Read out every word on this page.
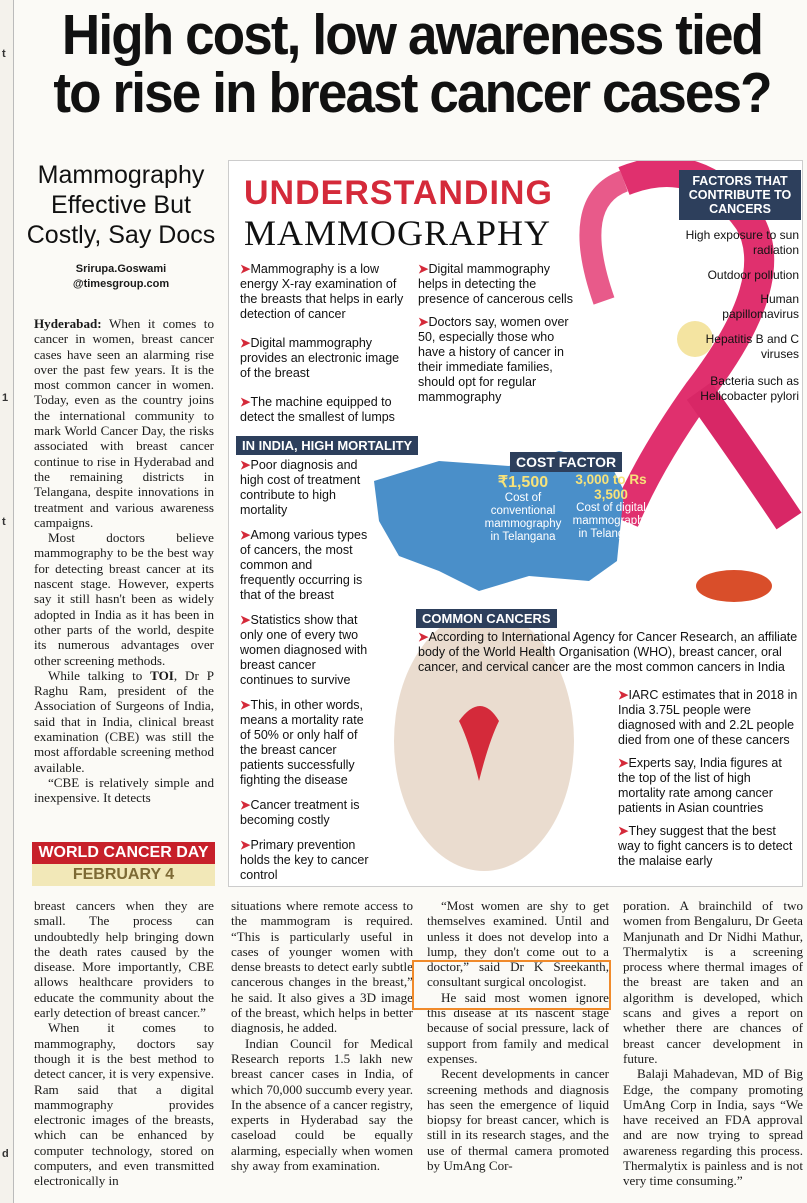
t
1
t
d
High cost, low awareness tied
to rise in breast cancer cases?
Mammography
Effective But
Costly, Say Docs
Srirupa.Goswami
@timesgroup.com

Hyderabad: When it comes to cancer in women, breast cancer cases have seen an alarming rise over the past few years. It is the most common cancer in women. Today, even as the country joins the international community to mark World Cancer Day, the risks associated with breast cancer continue to rise in Hyderabad and the remaining districts in Telangana, despite innovations in treatment and various awareness campaigns.

Most doctors believe mammography to be the best way for detecting breast cancer at its nascent stage. However, experts say it still hasn't been as widely adopted in India as it has been in other parts of the world, despite its numerous advantages over other screening methods.

While talking to TOI, Dr P Raghu Ram, president of the Association of Surgeons of India, said that in India, clinical breast examination (CBE) was still the most affordable screening method available.

“CBE is relatively simple and inexpensive. It detects

WORLD CANCER DAY
FEBRUARY 4

breast cancers when they are small. The process can undoubtedly help bringing down the death rates caused by the disease. More importantly, CBE allows healthcare providers to educate the community about the early detection of breast cancer.”

When it comes to mammography, doctors say though it is the best method to detect cancer, it is very expensive. Ram said that a digital mammography provides electronic images of the breasts, which can be enhanced by computer technology, stored on computers, and even transmitted electronically in

situations where remote access to the mammogram is required. “This is particularly useful in cases of younger women with dense breasts to detect early subtle cancerous changes in the breast,” he said. It also gives a 3D image of the breast, which helps in better diagnosis, he added.

Indian Council for Medical Research reports 1.5 lakh new breast cancer cases in India, of which 70,000 succumb every year. In the absence of a cancer registry, experts in Hyderabad say the caseload could be equally alarming, especially when women shy away from examination.

“Most women are shy to get themselves examined. Until and unless it does not develop into a lump, they don't come out to a doctor,” said Dr K Sreekanth, consultant surgical oncologist.

He said most women ignore this disease at its nascent stage because of social pressure, lack of support from family and medical expenses.

Recent developments in cancer screening methods and diagnosis has seen the emergence of liquid biopsy for breast cancer, which is still in its research stages, and the use of thermal camera promoted by UmAng Cor-

poration. A brainchild of two women from Bengaluru, Dr Geeta Manjunath and Dr Nidhi Mathur, Thermalytix is a screening process where thermal images of the breast are taken and an algorithm is developed, which scans and gives a report on whether there are chances of breast cancer development in future.

Balaji Mahadevan, MD of Big Edge, the company promoting UmAng Corp in India, says “We have received an FDA approval and are now trying to spread awareness regarding this process. Thermalytix is painless and is not very time consuming.”

UNDERSTANDING
MAMMOGRAPHY

➤Mammography is a low energy X-ray examination of the breasts that helps in early detection of cancer

➤Digital mammography provides an electronic image of the breast

➤The machine equipped to detect the smallest of lumps

➤Digital mammography helps in detecting the presence of cancerous cells

➤Doctors say, women over 50, especially those who have a history of cancer in their immediate families, should opt for regular mammography

FACTORS THAT CONTRIBUTE TO CANCERS
High exposure to sun radiation
Outdoor pollution
Human papillomavirus
Hepatitis B and C viruses
Bacteria such as Helicobacter pylori
IN INDIA, HIGH MORTALITY

➤Poor diagnosis and high cost of treatment contribute to high mortality

➤Among various types of cancers, the most common and frequently occurring is that of the breast

➤Statistics show that only one of every two women diagnosed with breast cancer continues to survive

➤This, in other words, means a mortality rate of 50% or only half of the breast cancer patients successfully fighting the disease

➤Cancer treatment is becoming costly

➤Primary prevention holds the key to cancer control

COST FACTOR
₹1,500
Cost of conventional mammography in Telangana
3,000 to Rs 3,500
Cost of digital mammography in Telangana
COMMON CANCERS

➤According to International Agency for Cancer Research, an affiliate body of the World Health Organisation (WHO), breast cancer, oral cancer, and cervical cancer are the most common cancers in India

➤IARC estimates that in 2018 in India 3.75L people were diagnosed with and 2.2L people died from one of these cancers

➤Experts say, India figures at the top of the list of high mortality rate among cancer patients in Asian countries

➤They suggest that the best way to fight cancers is to detect the malaise early
